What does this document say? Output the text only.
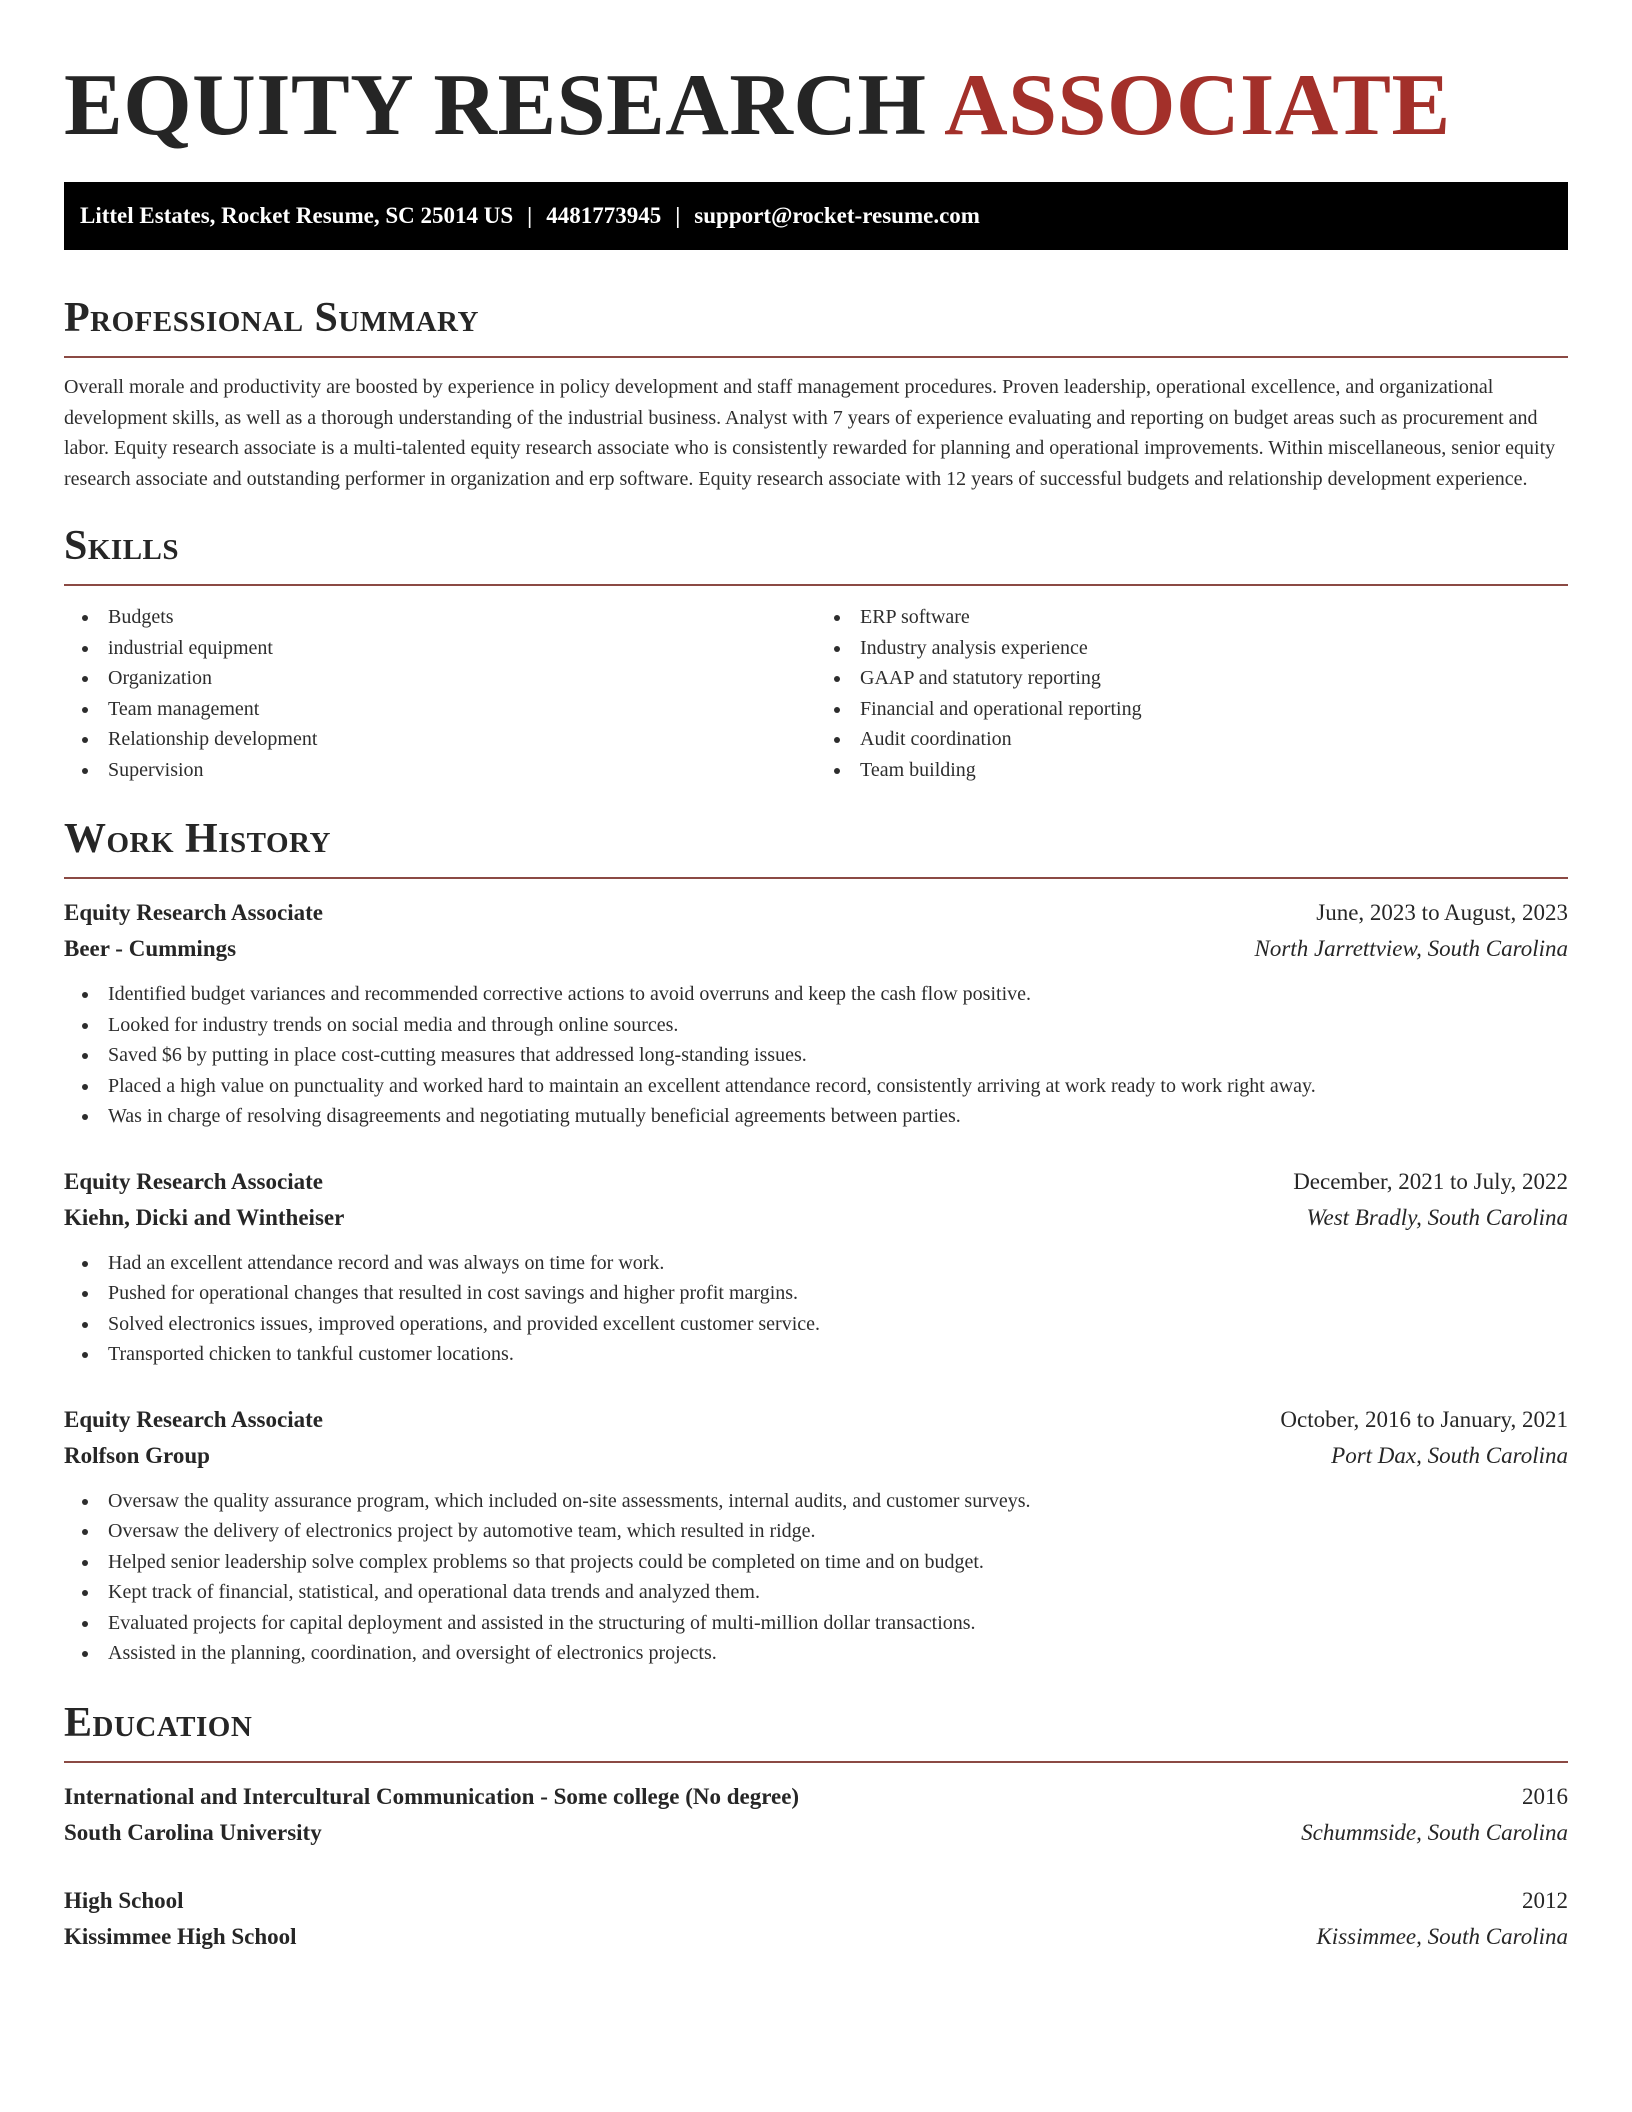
EQUITY RESEARCH ASSOCIATE
Littel Estates, Rocket Resume, SC 25014 US | 4481773945 | support@rocket-resume.com
Professional Summary

Overall morale and productivity are boosted by experience in policy development and staff management procedures. Proven leadership, operational excellence, and organizational development skills, as well as a thorough understanding of the industrial business. Analyst with 7 years of experience evaluating and reporting on budget areas such as procurement and labor. Equity research associate is a multi-talented equity research associate who is consistently rewarded for planning and operational improvements. Within miscellaneous, senior equity research associate and outstanding performer in organization and erp software. Equity research associate with 12 years of successful budgets and relationship development experience.

Skills
Budgets
industrial equipment
Organization
Team management
Relationship development
Supervision
ERP software
Industry analysis experience
GAAP and statutory reporting
Financial and operational reporting
Audit coordination
Team building
Work History
Equity Research Associate	June, 2023 to August, 2023
Beer - Cummings	North Jarrettview, South Carolina
Identified budget variances and recommended corrective actions to avoid overruns and keep the cash flow positive.
Looked for industry trends on social media and through online sources.
Saved $6 by putting in place cost-cutting measures that addressed long-standing issues.
Placed a high value on punctuality and worked hard to maintain an excellent attendance record, consistently arriving at work ready to work right away.
Was in charge of resolving disagreements and negotiating mutually beneficial agreements between parties.
Equity Research Associate	December, 2021 to July, 2022
Kiehn, Dicki and Wintheiser	West Bradly, South Carolina
Had an excellent attendance record and was always on time for work.
Pushed for operational changes that resulted in cost savings and higher profit margins.
Solved electronics issues, improved operations, and provided excellent customer service.
Transported chicken to tankful customer locations.
Equity Research Associate	October, 2016 to January, 2021
Rolfson Group	Port Dax, South Carolina
Oversaw the quality assurance program, which included on-site assessments, internal audits, and customer surveys.
Oversaw the delivery of electronics project by automotive team, which resulted in ridge.
Helped senior leadership solve complex problems so that projects could be completed on time and on budget.
Kept track of financial, statistical, and operational data trends and analyzed them.
Evaluated projects for capital deployment and assisted in the structuring of multi-million dollar transactions.
Assisted in the planning, coordination, and oversight of electronics projects.
Education
International and Intercultural Communication - Some college (No degree)	2016
South Carolina University	Schummside, South Carolina
High School	2012
Kissimmee High School	Kissimmee, South Carolina
